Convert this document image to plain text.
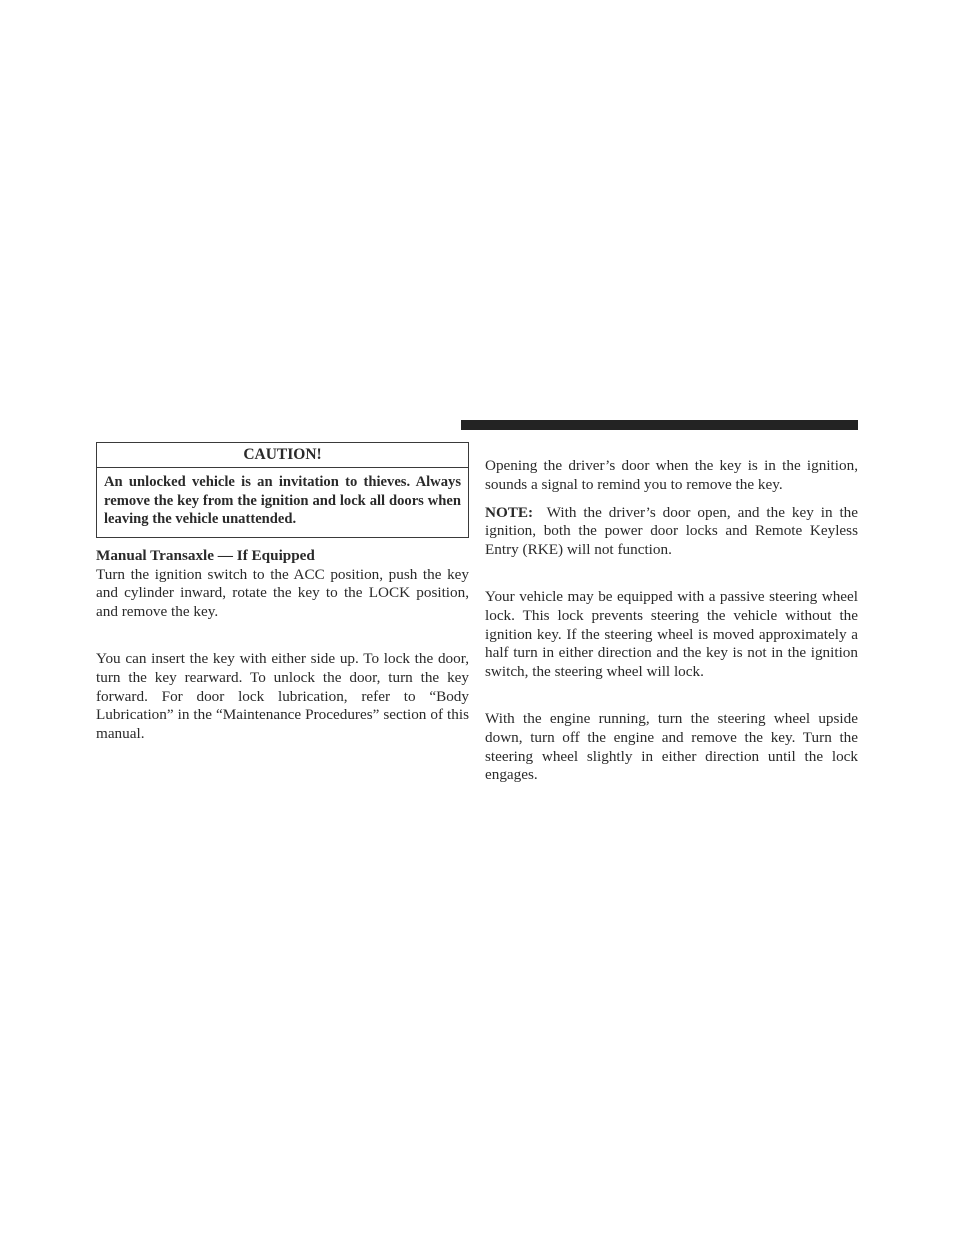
CAUTION!
An unlocked vehicle is an invitation to thieves. Always remove the key from the ignition and lock all doors when leaving the vehicle unattended.

Manual Transaxle — If Equipped

Turn the ignition switch to the ACC position, push the key and cylinder inward, rotate the key to the LOCK position, and remove the key.

You can insert the key with either side up. To lock the door, turn the key rearward. To unlock the door, turn the key forward. For door lock lubrication, refer to “Body Lubrication” in the “Maintenance Procedures” section of this manual.

Opening the driver’s door when the key is in the ignition, sounds a signal to remind you to remove the key.

NOTE: With the driver’s door open, and the key in the ignition, both the power door locks and Remote Keyless Entry (RKE) will not function.

Your vehicle may be equipped with a passive steering wheel lock. This lock prevents steering the vehicle without the ignition key. If the steering wheel is moved approximately a half turn in either direction and the key is not in the ignition switch, the steering wheel will lock.

With the engine running, turn the steering wheel upside down, turn off the engine and remove the key. Turn the steering wheel slightly in either direction until the lock engages.
